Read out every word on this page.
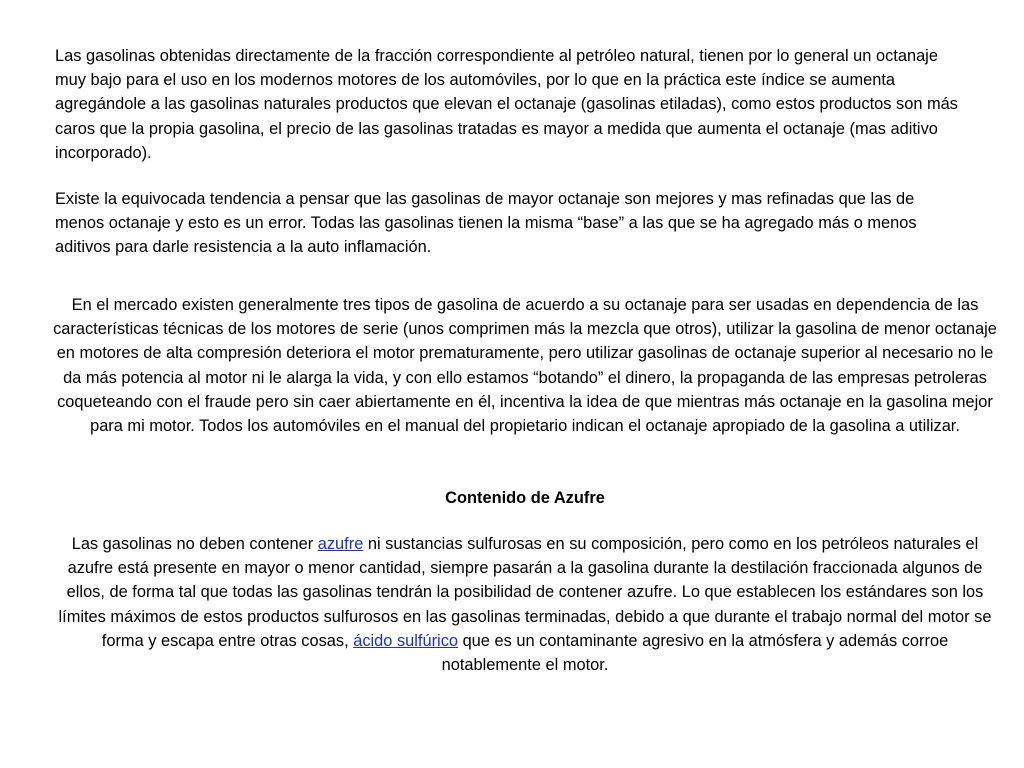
Las gasolinas obtenidas directamente de la fracción correspondiente al petróleo natural, tienen por lo general un octanaje muy bajo para el uso en los modernos motores de los automóviles, por lo que en la práctica este índice se aumenta agregándole a las gasolinas naturales productos que elevan el octanaje (gasolinas etiladas), como estos productos son más caros que la propia gasolina, el precio de las gasolinas tratadas es mayor a medida que aumenta el octanaje (mas aditivo incorporado).

Existe la equivocada tendencia a pensar que las gasolinas de mayor octanaje son mejores y mas refinadas que las de menos octanaje y esto es un error. Todas las gasolinas tienen la misma “base” a las que se ha agregado más o menos aditivos para darle resistencia a la auto inflamación.

En el mercado existen generalmente tres tipos de gasolina de acuerdo a su octanaje para ser usadas en dependencia de las características técnicas de los motores de serie (unos comprimen más la mezcla que otros), utilizar la gasolina de menor octanaje en motores de alta compresión deteriora el motor prematuramente, pero utilizar gasolinas de octanaje superior al necesario no le da más potencia al motor ni le alarga la vida, y con ello estamos “botando” el dinero, la propaganda de las empresas petroleras coqueteando con el fraude pero sin caer abiertamente en él, incentiva la idea de que mientras más octanaje en la gasolina mejor para mi motor. Todos los automóviles en el manual del propietario indican el octanaje apropiado de la gasolina a utilizar.

Contenido de Azufre

Las gasolinas no deben contener azufre ni sustancias sulfurosas en su composición, pero como en los petróleos naturales el azufre está presente en mayor o menor cantidad, siempre pasarán a la gasolina durante la destilación fraccionada algunos de ellos, de forma tal que todas las gasolinas tendrán la posibilidad de contener azufre. Lo que establecen los estándares son los límites máximos de estos productos sulfurosos en las gasolinas terminadas, debido a que durante el trabajo normal del motor se forma y escapa entre otras cosas, ácido sulfúrico que es un contaminante agresivo en la atmósfera y además corroe notablemente el motor.
